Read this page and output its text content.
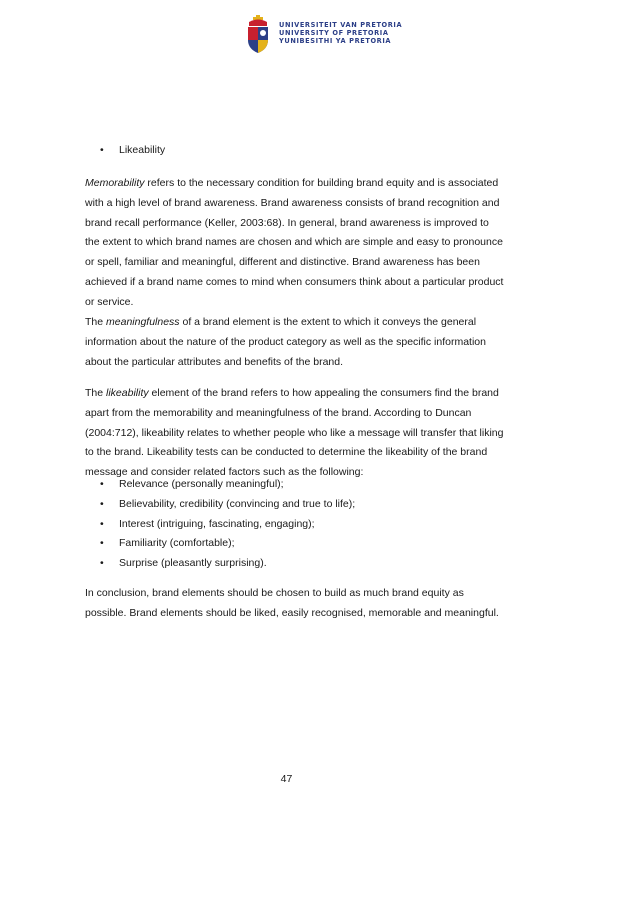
UNIVERSITEIT VAN PRETORIA
UNIVERSITY OF PRETORIA
YUNIBESITHI YA PRETORIA
• Likeability

Memorability refers to the necessary condition for building brand equity and is associated with a high level of brand awareness. Brand awareness consists of brand recognition and brand recall performance (Keller, 2003:68). In general, brand awareness is improved to the extent to which brand names are chosen and which are simple and easy to pronounce or spell, familiar and meaningful, different and distinctive. Brand awareness has been achieved if a brand name comes to mind when consumers think about a particular product or service.

The meaningfulness of a brand element is the extent to which it conveys the general information about the nature of the product category as well as the specific information about the particular attributes and benefits of the brand.

The likeability element of the brand refers to how appealing the consumers find the brand apart from the memorability and meaningfulness of the brand. According to Duncan (2004:712), likeability relates to whether people who like a message will transfer that liking to the brand. Likeability tests can be conducted to determine the likeability of the brand message and consider related factors such as the following:

• Relevance (personally meaningful);
• Believability, credibility (convincing and true to life);
• Interest (intriguing, fascinating, engaging);
• Familiarity (comfortable);
• Surprise (pleasantly surprising).

In conclusion, brand elements should be chosen to build as much brand equity as possible. Brand elements should be liked, easily recognised, memorable and meaningful.

47
